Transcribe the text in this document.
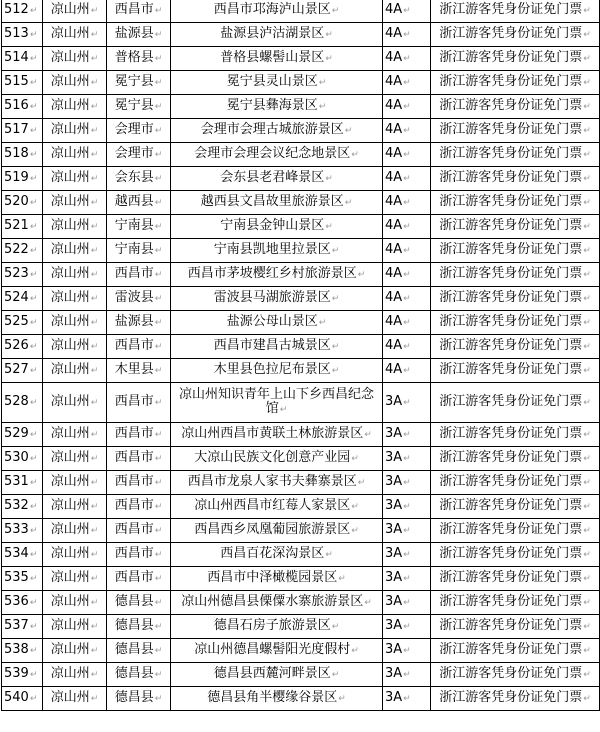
512↵	凉山州↵	西昌市↵	西昌市邛海泸山景区↵	4A↵	浙江游客凭身份证免门票↵
513↵	凉山州↵	盐源县↵	盐源县泸沽湖景区↵	4A↵	浙江游客凭身份证免门票↵
514↵	凉山州↵	普格县↵	普格县螺髻山景区↵	4A↵	浙江游客凭身份证免门票↵
515↵	凉山州↵	冕宁县↵	冕宁县灵山景区↵	4A↵	浙江游客凭身份证免门票↵
516↵	凉山州↵	冕宁县↵	冕宁县彝海景区↵	4A↵	浙江游客凭身份证免门票↵
517↵	凉山州↵	会理市↵	会理市会理古城旅游景区↵	4A↵	浙江游客凭身份证免门票↵
518↵	凉山州↵	会理市↵	会理市会理会议纪念地景区↵	4A↵	浙江游客凭身份证免门票↵
519↵	凉山州↵	会东县↵	会东县老君峰景区↵	4A↵	浙江游客凭身份证免门票↵
520↵	凉山州↵	越西县↵	越西县文昌故里旅游景区↵	4A↵	浙江游客凭身份证免门票↵
521↵	凉山州↵	宁南县↵	宁南县金钟山景区↵	4A↵	浙江游客凭身份证免门票↵
522↵	凉山州↵	宁南县↵	宁南县凯地里拉景区↵	4A↵	浙江游客凭身份证免门票↵
523↵	凉山州↵	西昌市↵	西昌市茅坡樱红乡村旅游景区↵	4A↵	浙江游客凭身份证免门票↵
524↵	凉山州↵	雷波县↵	雷波县马湖旅游景区↵	4A↵	浙江游客凭身份证免门票↵
525↵	凉山州↵	盐源县↵	盐源公母山景区↵	4A↵	浙江游客凭身份证免门票↵
526↵	凉山州↵	西昌市↵	西昌市建昌古城景区↵	4A↵	浙江游客凭身份证免门票↵
527↵	凉山州↵	木里县↵	木里县色拉尼布景区↵	4A↵	浙江游客凭身份证免门票↵
528↵	凉山州↵	西昌市↵	凉山州知识青年上山下乡西昌纪念馆↵	3A↵	浙江游客凭身份证免门票↵
529↵	凉山州↵	西昌市↵	凉山州西昌市黄联土林旅游景区↵	3A↵	浙江游客凭身份证免门票↵
530↵	凉山州↵	西昌市↵	大凉山民族文化创意产业园↵	3A↵	浙江游客凭身份证免门票↵
531↵	凉山州↵	西昌市↵	西昌市龙泉人家书夫彝寨景区↵	3A↵	浙江游客凭身份证免门票↵
532↵	凉山州↵	西昌市↵	凉山州西昌市红莓人家景区↵	3A↵	浙江游客凭身份证免门票↵
533↵	凉山州↵	西昌市↵	西昌西乡凤凰葡园旅游景区↵	3A↵	浙江游客凭身份证免门票↵
534↵	凉山州↵	西昌市↵	西昌百花深沟景区↵	3A↵	浙江游客凭身份证免门票↵
535↵	凉山州↵	西昌市↵	西昌市中泽橄榄园景区↵	3A↵	浙江游客凭身份证免门票↵
536↵	凉山州↵	德昌县↵	凉山州德昌县傈僳水寨旅游景区↵	3A↵	浙江游客凭身份证免门票↵
537↵	凉山州↵	德昌县↵	德昌石房子旅游景区↵	3A↵	浙江游客凭身份证免门票↵
538↵	凉山州↵	德昌县↵	凉山州德昌螺髻阳光度假村↵	3A↵	浙江游客凭身份证免门票↵
539↵	凉山州↵	德昌县↵	德昌县西麓河畔景区↵	3A↵	浙江游客凭身份证免门票↵
540↵	凉山州↵	德昌县↵	德昌县角半樱缘谷景区↵	3A↵	浙江游客凭身份证免门票↵
